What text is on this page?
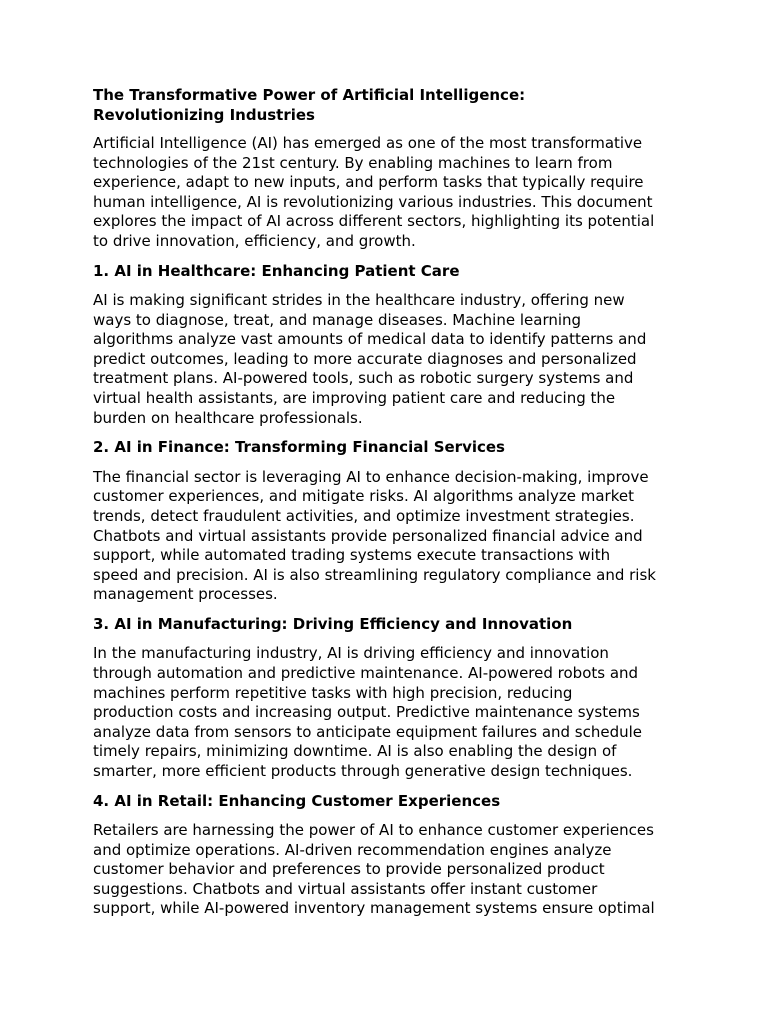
The Transformative Power of Artificial Intelligence:
Revolutionizing Industries
Artificial Intelligence (AI) has emerged as one of the most transformative
technologies of the 21st century. By enabling machines to learn from
experience, adapt to new inputs, and perform tasks that typically require
human intelligence, AI is revolutionizing various industries. This document
explores the impact of AI across different sectors, highlighting its potential
to drive innovation, efficiency, and growth.
1. AI in Healthcare: Enhancing Patient Care
AI is making significant strides in the healthcare industry, offering new
ways to diagnose, treat, and manage diseases. Machine learning
algorithms analyze vast amounts of medical data to identify patterns and
predict outcomes, leading to more accurate diagnoses and personalized
treatment plans. AI-powered tools, such as robotic surgery systems and
virtual health assistants, are improving patient care and reducing the
burden on healthcare professionals.
2. AI in Finance: Transforming Financial Services
The financial sector is leveraging AI to enhance decision-making, improve
customer experiences, and mitigate risks. AI algorithms analyze market
trends, detect fraudulent activities, and optimize investment strategies.
Chatbots and virtual assistants provide personalized financial advice and
support, while automated trading systems execute transactions with
speed and precision. AI is also streamlining regulatory compliance and risk
management processes.
3. AI in Manufacturing: Driving Efficiency and Innovation
In the manufacturing industry, AI is driving efficiency and innovation
through automation and predictive maintenance. AI-powered robots and
machines perform repetitive tasks with high precision, reducing
production costs and increasing output. Predictive maintenance systems
analyze data from sensors to anticipate equipment failures and schedule
timely repairs, minimizing downtime. AI is also enabling the design of
smarter, more efficient products through generative design techniques.
4. AI in Retail: Enhancing Customer Experiences
Retailers are harnessing the power of AI to enhance customer experiences
and optimize operations. AI-driven recommendation engines analyze
customer behavior and preferences to provide personalized product
suggestions. Chatbots and virtual assistants offer instant customer
support, while AI-powered inventory management systems ensure optimal
